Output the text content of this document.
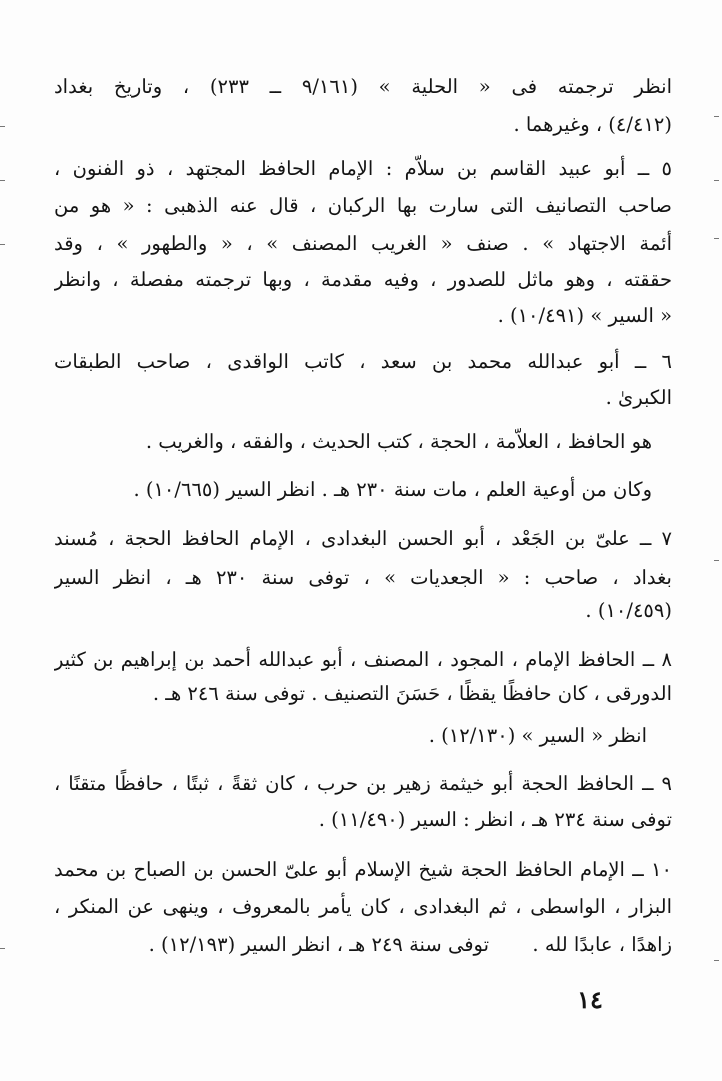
انظر ترجمته فى « الحلية » (٩/١٦١ ــ ٢٣٣) ، وتاريخ بغداد
(٤/٤١٢) ، وغيرهما .
٥ ــ أبو عبيد القاسم بن سلاّم : الإمام الحافظ المجتهد ، ذو الفنون ،
صاحب التصانيف التى سارت بها الركبان ، قال عنه الذهبى : « هو من
أئمة الاجتهاد » . صنف « الغريب المصنف » ، « والطهور » ، وقد
حققته ، وهو ماثل للصدور ، وفيه مقدمة ، وبها ترجمته مفصلة ، وانظر
« السير » (١٠/٤٩١) .
٦ ــ أبو عبدالله محمد بن سعد ، كاتب الواقدى ، صاحب الطبقات
الكبرىٰ .
هو الحافظ ، العلاّمة ، الحجة ، كتب الحديث ، والفقه ، والغريب .
وكان من أوعية العلم ، مات سنة ٢٣٠ هـ . انظر السير (١٠/٦٦٥) .
٧ ــ علىّ بن الجَعْد ، أبو الحسن البغدادى ، الإمام الحافظ الحجة ، مُسند
بغداد ، صاحب : « الجعديات » ، توفى سنة ٢٣٠ هـ ، انظر السير
(١٠/٤٥٩) .
٨ ــ الحافظ الإمام ، المجود ، المصنف ، أبو عبدالله أحمد بن إبراهيم بن كثير
الدورقى ، كان حافظًا يقظًا ، حَسَنَ التصنيف . توفى سنة ٢٤٦ هـ .
انظر « السير » (١٢/١٣٠) .
٩ ــ الحافظ الحجة أبو خيثمة زهير بن حرب ، كان ثقةً ، ثبتًا ، حافظًا متقنًا ،
توفى سنة ٢٣٤ هـ ، انظر : السير (١١/٤٩٠) .
١٠ ــ الإمام الحافظ الحجة شيخ الإسلام أبو علىّ الحسن بن الصباح بن محمد
البزار ، الواسطى ، ثم البغدادى ، كان يأمر بالمعروف ، وينهى عن المنكر ،
زاهدًا ، عابدًا لله .       توفى سنة ٢٤٩ هـ ، انظر السير (١٢/١٩٣) .
١٤
